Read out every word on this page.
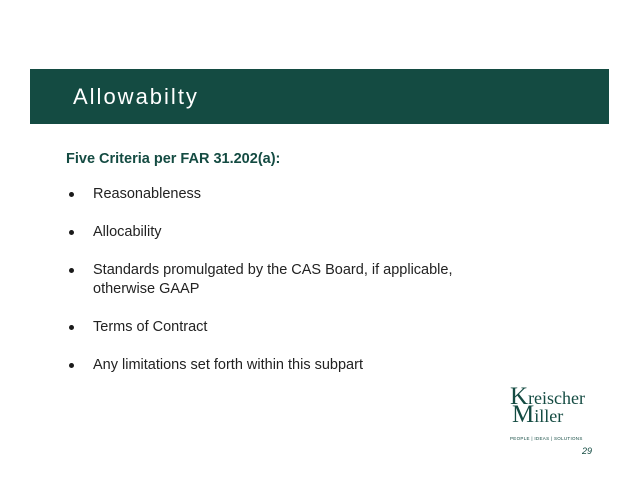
Allowabilty
Five Criteria per FAR 31.202(a):
Reasonableness
Allocability
Standards promulgated by the CAS Board, if applicable,
otherwise GAAP
Terms of Contract
Any limitations set forth within this subpart
Kreischer
Miller
PEOPLE | IDEAS | SOLUTIONS
29
